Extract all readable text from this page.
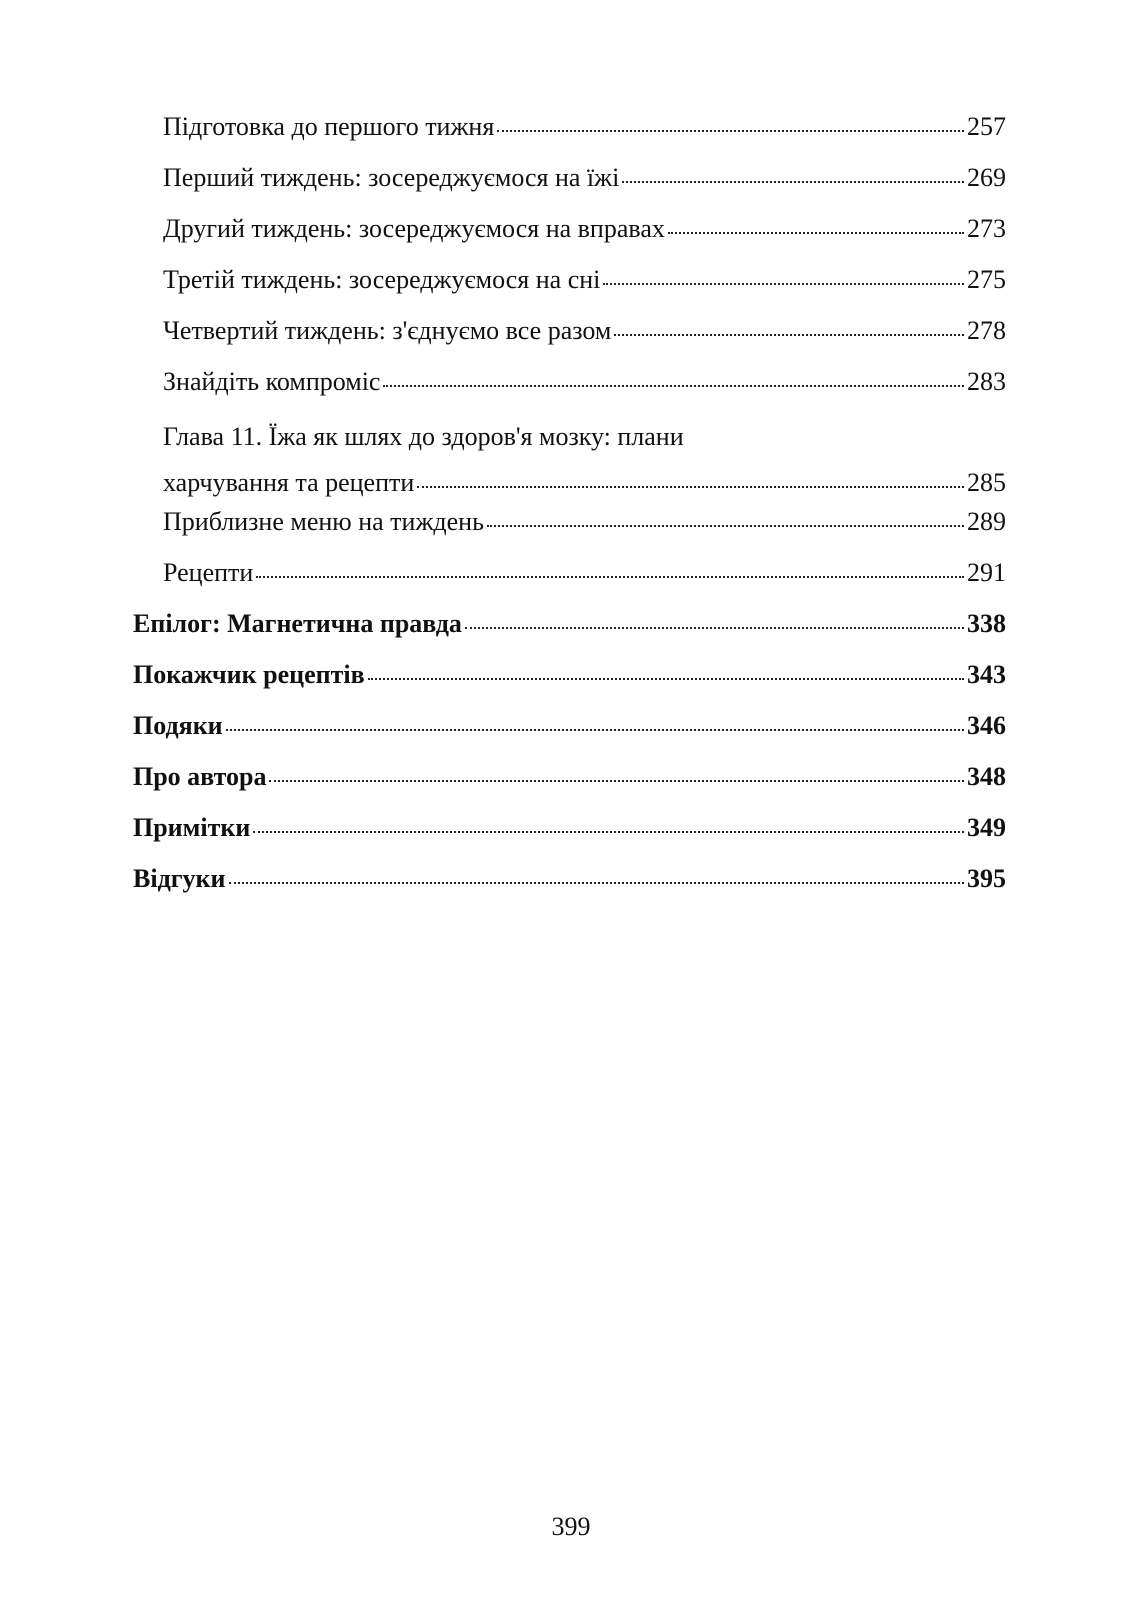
Підготовка до першого тижня	257
Перший тиждень: зосереджуємося на їжі	269
Другий тиждень: зосереджуємося на вправах	273
Третій тиждень: зосереджуємося на сні	275
Четвертий тиждень: з'єднуємо все разом	278
Знайдіть компроміс	283
Глава 11. Їжа як шлях до здоров'я мозку: плани
харчування та рецепти	285
Приблизне меню на тиждень	289
Рецепти	291
Епілог: Магнетична правда	338
Покажчик рецептів	343
Подяки	346
Про автора	348
Примітки	349
Відгуки	395
399
